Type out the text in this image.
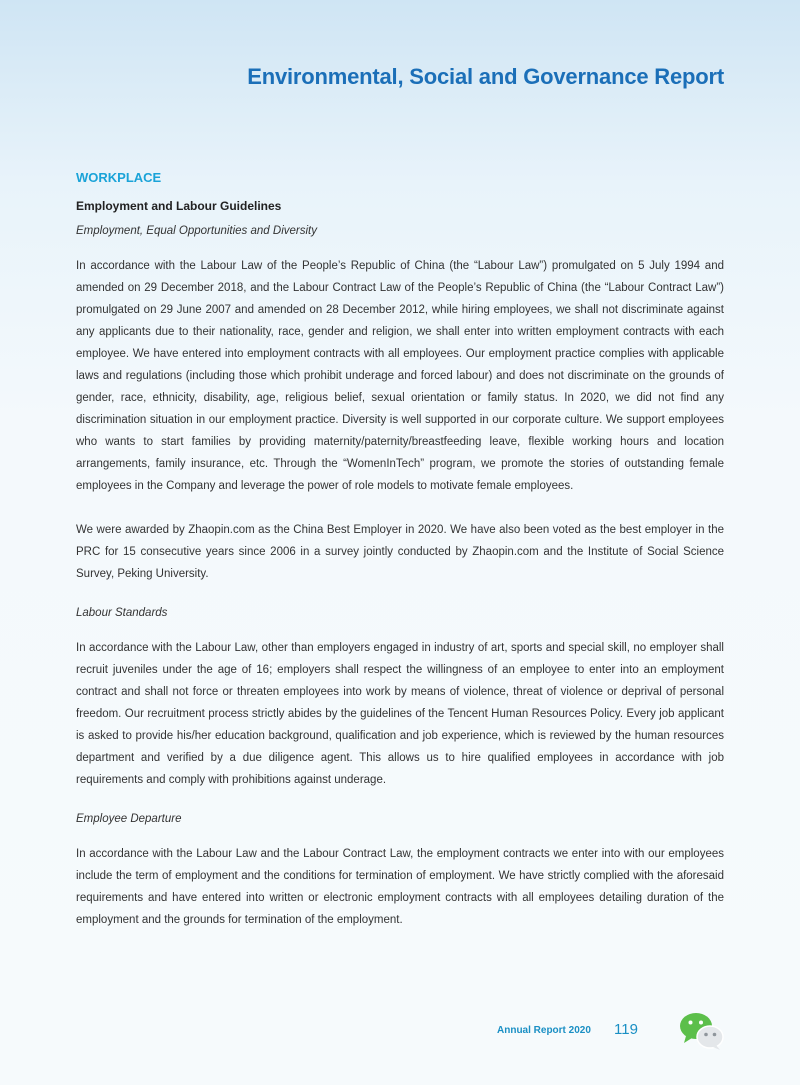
Environmental, Social and Governance Report
WORKPLACE
Employment and Labour Guidelines
Employment, Equal Opportunities and Diversity

In accordance with the Labour Law of the People’s Republic of China (the “Labour Law”) promulgated on 5 July 1994 and amended on 29 December 2018, and the Labour Contract Law of the People’s Republic of China (the “Labour Contract Law”) promulgated on 29 June 2007 and amended on 28 December 2012, while hiring employees, we shall not discriminate against any applicants due to their nationality, race, gender and religion, we shall enter into written employment contracts with each employee. We have entered into employment contracts with all employees. Our employment practice complies with applicable laws and regulations (including those which prohibit underage and forced labour) and does not discriminate on the grounds of gender, race, ethnicity, disability, age, religious belief, sexual orientation or family status. In 2020, we did not find any discrimination situation in our employment practice. Diversity is well supported in our corporate culture. We support employees who wants to start families by providing maternity/paternity/breastfeeding leave, flexible working hours and location arrangements, family insurance, etc. Through the “WomenInTech” program, we promote the stories of outstanding female employees in the Company and leverage the power of role models to motivate female employees.

We were awarded by Zhaopin.com as the China Best Employer in 2020. We have also been voted as the best employer in the PRC for 15 consecutive years since 2006 in a survey jointly conducted by Zhaopin.com and the Institute of Social Science Survey, Peking University.

Labour Standards

In accordance with the Labour Law, other than employers engaged in industry of art, sports and special skill, no employer shall recruit juveniles under the age of 16; employers shall respect the willingness of an employee to enter into an employment contract and shall not force or threaten employees into work by means of violence, threat of violence or deprival of personal freedom. Our recruitment process strictly abides by the guidelines of the Tencent Human Resources Policy. Every job applicant is asked to provide his/her education background, qualification and job experience, which is reviewed by the human resources department and verified by a due diligence agent. This allows us to hire qualified employees in accordance with job requirements and comply with prohibitions against underage.

Employee Departure

In accordance with the Labour Law and the Labour Contract Law, the employment contracts we enter into with our employees include the term of employment and the conditions for termination of employment. We have strictly complied with the aforesaid requirements and have entered into written or electronic employment contracts with all employees detailing duration of the employment and the grounds for termination of the employment.

Annual Report 2020 119
